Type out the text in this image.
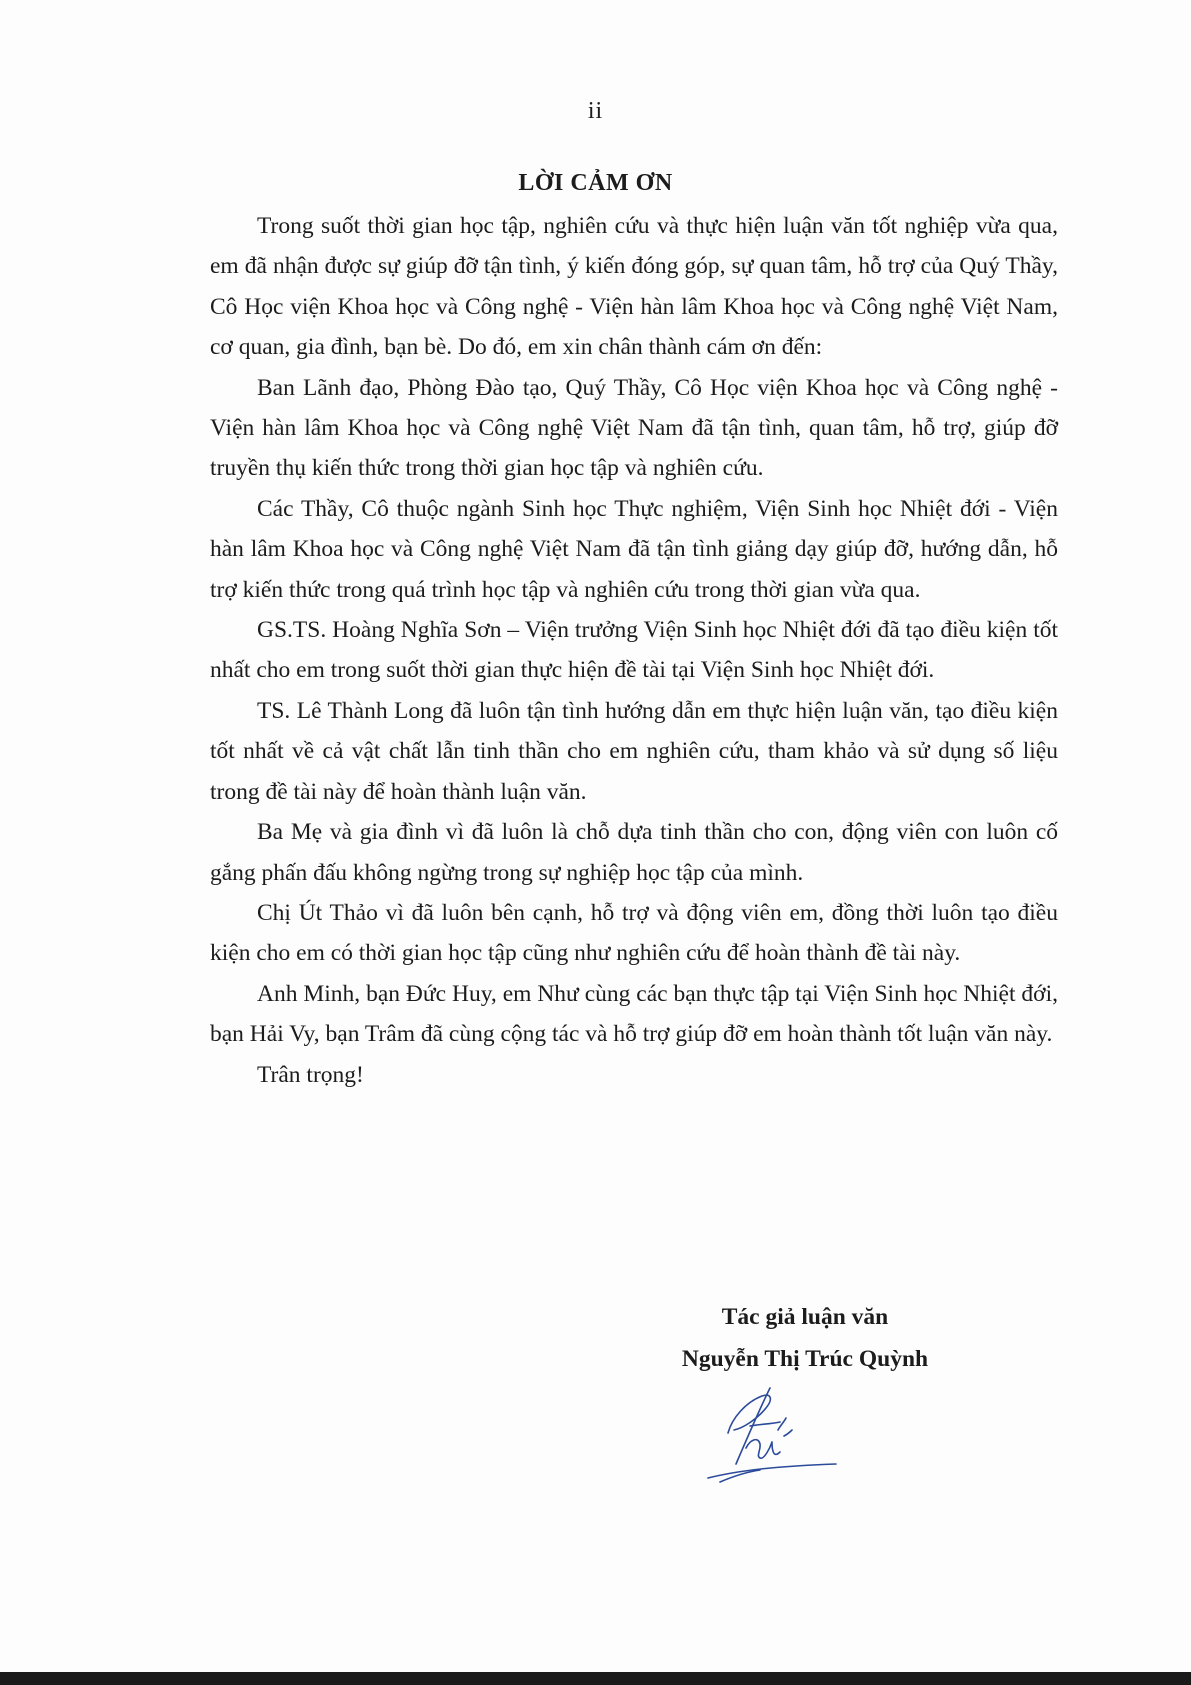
ii
LỜI CẢM ƠN

Trong suốt thời gian học tập, nghiên cứu và thực hiện luận văn tốt nghiệp vừa qua, em đã nhận được sự giúp đỡ tận tình, ý kiến đóng góp, sự quan tâm, hỗ trợ của Quý Thầy, Cô Học viện Khoa học và Công nghệ - Viện hàn lâm Khoa học và Công nghệ Việt Nam, cơ quan, gia đình, bạn bè. Do đó, em xin chân thành cám ơn đến:

Ban Lãnh đạo, Phòng Đào tạo, Quý Thầy, Cô Học viện Khoa học và Công nghệ - Viện hàn lâm Khoa học và Công nghệ Việt Nam đã tận tình, quan tâm, hỗ trợ, giúp đỡ truyền thụ kiến thức trong thời gian học tập và nghiên cứu.

Các Thầy, Cô thuộc ngành Sinh học Thực nghiệm, Viện Sinh học Nhiệt đới - Viện hàn lâm Khoa học và Công nghệ Việt Nam đã tận tình giảng dạy giúp đỡ, hướng dẫn, hỗ trợ kiến thức trong quá trình học tập và nghiên cứu trong thời gian vừa qua.

GS.TS. Hoàng Nghĩa Sơn – Viện trưởng Viện Sinh học Nhiệt đới đã tạo điều kiện tốt nhất cho em trong suốt thời gian thực hiện đề tài tại Viện Sinh học Nhiệt đới.

TS. Lê Thành Long đã luôn tận tình hướng dẫn em thực hiện luận văn, tạo điều kiện tốt nhất về cả vật chất lẫn tinh thần cho em nghiên cứu, tham khảo và sử dụng số liệu trong đề tài này để hoàn thành luận văn.

Ba Mẹ và gia đình vì đã luôn là chỗ dựa tinh thần cho con, động viên con luôn cố gắng phấn đấu không ngừng trong sự nghiệp học tập của mình.

Chị Út Thảo vì đã luôn bên cạnh, hỗ trợ và động viên em, đồng thời luôn tạo điều kiện cho em có thời gian học tập cũng như nghiên cứu để hoàn thành đề tài này.

Anh Minh, bạn Đức Huy, em Như cùng các bạn thực tập tại Viện Sinh học Nhiệt đới, bạn Hải Vy, bạn Trâm đã cùng cộng tác và hỗ trợ giúp đỡ em hoàn thành tốt luận văn này.

Trân trọng!

Tác giả luận văn
Nguyễn Thị Trúc Quỳnh
